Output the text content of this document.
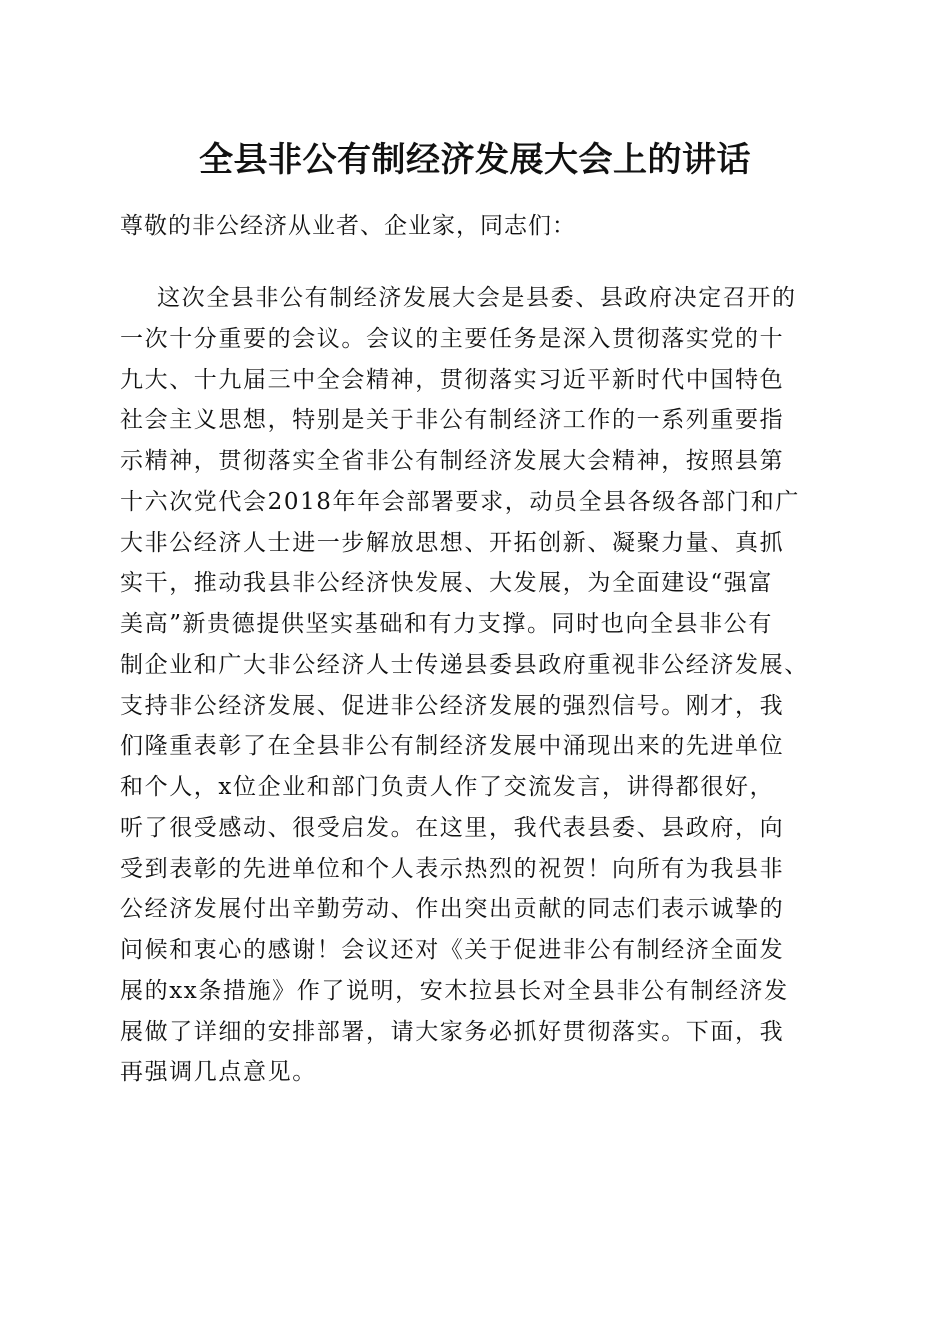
全县非公有制经济发展大会上的讲话
尊敬的非公经济从业者、企业家，同志们：
这次全县非公有制经济发展大会是县委、县政府决定召开的
一次十分重要的会议。会议的主要任务是深入贯彻落实党的十
九大、十九届三中全会精神，贯彻落实习近平新时代中国特色
社会主义思想，特别是关于非公有制经济工作的一系列重要指
示精神，贯彻落实全省非公有制经济发展大会精神，按照县第
十六次党代会2018年年会部署要求，动员全县各级各部门和广
大非公经济人士进一步解放思想、开拓创新、凝聚力量、真抓
实干，推动我县非公经济快发展、大发展，为全面建设“强富
美高”新贵德提供坚实基础和有力支撑。同时也向全县非公有
制企业和广大非公经济人士传递县委县政府重视非公经济发展、
支持非公经济发展、促进非公经济发展的强烈信号。刚才，我
们隆重表彰了在全县非公有制经济发展中涌现出来的先进单位
和个人，x位企业和部门负责人作了交流发言，讲得都很好，
听了很受感动、很受启发。在这里，我代表县委、县政府，向
受到表彰的先进单位和个人表示热烈的祝贺！向所有为我县非
公经济发展付出辛勤劳动、作出突出贡献的同志们表示诚挚的
问候和衷心的感谢！会议还对《关于促进非公有制经济全面发
展的xx条措施》作了说明，安木拉县长对全县非公有制经济发
展做了详细的安排部署，请大家务必抓好贯彻落实。下面，我
再强调几点意见。
